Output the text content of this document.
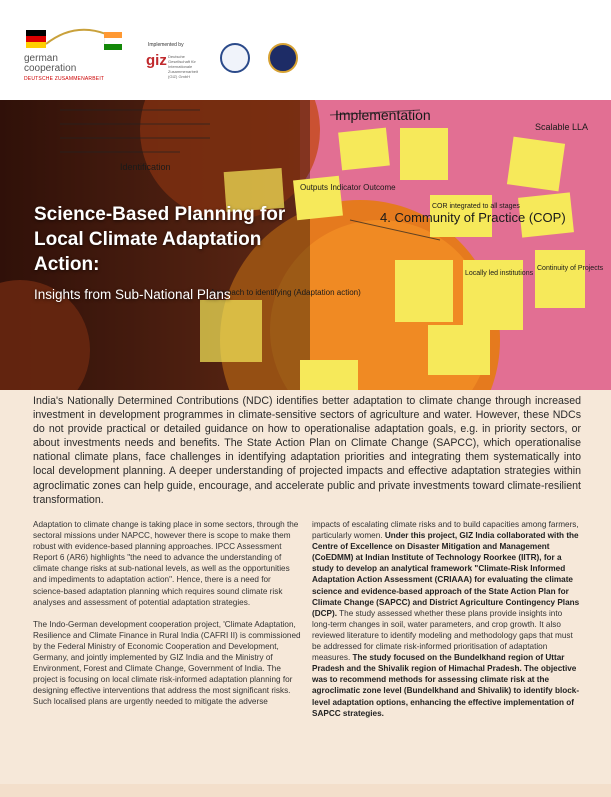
german
cooperation
DEUTSCHE ZUSAMMENARBEIT
Implemented by
giz Deutsche Gesellschaft für Internationale Zusammenarbeit (GIZ) GmbH
Implementation
Scalable LLA
4. Community of Practice (COP)
Outputs Indicator Outcome
COR integrated to all stages
Approach to identifying (Adaptation action)
Continuity of Projects
Identification
Locally led institutions
Science-Based Planning for Local Climate Adaptation Action:
Insights from Sub-National Plans
India's Nationally Determined Contributions (NDC) identifies better adaptation to climate change through increased investment in development programmes in climate-sensitive sectors of agriculture and water. However, these NDCs do not provide practical or detailed guidance on how to operationalise adaptation goals, e.g. in priority sectors, or about investments needs and benefits. The State Action Plan on Climate Change (SAPCC), which operationalise national climate plans, face challenges in identifying adaptation priorities and integrating them systematically into local development planning. A deeper understanding of projected impacts and effective adaptation strategies within agroclimatic zones can help guide, encourage, and accelerate public and private investments toward climate-resilient transformation.

Adaptation to climate change is taking place in some sectors, through the sectoral missions under NAPCC, however there is scope to make them robust with evidence-based planning approaches. IPCC Assessment Report 6 (AR6) highlights "the need to advance the understanding of climate change risks at sub-national levels, as well as the opportunities and impediments to adaptation action". Hence, there is a need for science-based adaptation planning which requires sound climate risk analyses and assessment of potential adaptation strategies.

The Indo-German development cooperation project, 'Climate Adaptation, Resilience and Climate Finance in Rural India (CAFRI II) is commissioned by the Federal Ministry of Economic Cooperation and Development, Germany, and jointly implemented by GIZ India and the Ministry of Environment, Forest and Climate Change, Government of India. The project is focusing on local climate risk-informed adaptation planning for designing effective interventions that address the most significant risks. Such localised plans are urgently needed to mitigate the adverse

impacts of escalating climate risks and to build capacities among farmers, particularly women. Under this project, GIZ India collaborated with the Centre of Excellence on Disaster Mitigation and Management (CoEDMM) at Indian Institute of Technology Roorkee (IITR), for a study to develop an analytical framework "Climate-Risk Informed Adaptation Action Assessment (CRIAAA) for evaluating the climate science and evidence-based approach of the State Action Plan for Climate Change (SAPCC) and District Agriculture Contingency Plans (DCP). The study assessed whether these plans provide insights into long-term changes in soil, water parameters, and crop growth. It also reviewed literature to identify modeling and methodology gaps that must be addressed for climate risk-informed prioritisation of adaptation measures. The study focused on the Bundelkhand region of Uttar Pradesh and the Shivalik region of Himachal Pradesh. The objective was to recommend methods for assessing climate risk at the agroclimatic zone level (Bundelkhand and Shivalik) to identify block-level adaptation options, enhancing the effective implementation of SAPCC strategies.
